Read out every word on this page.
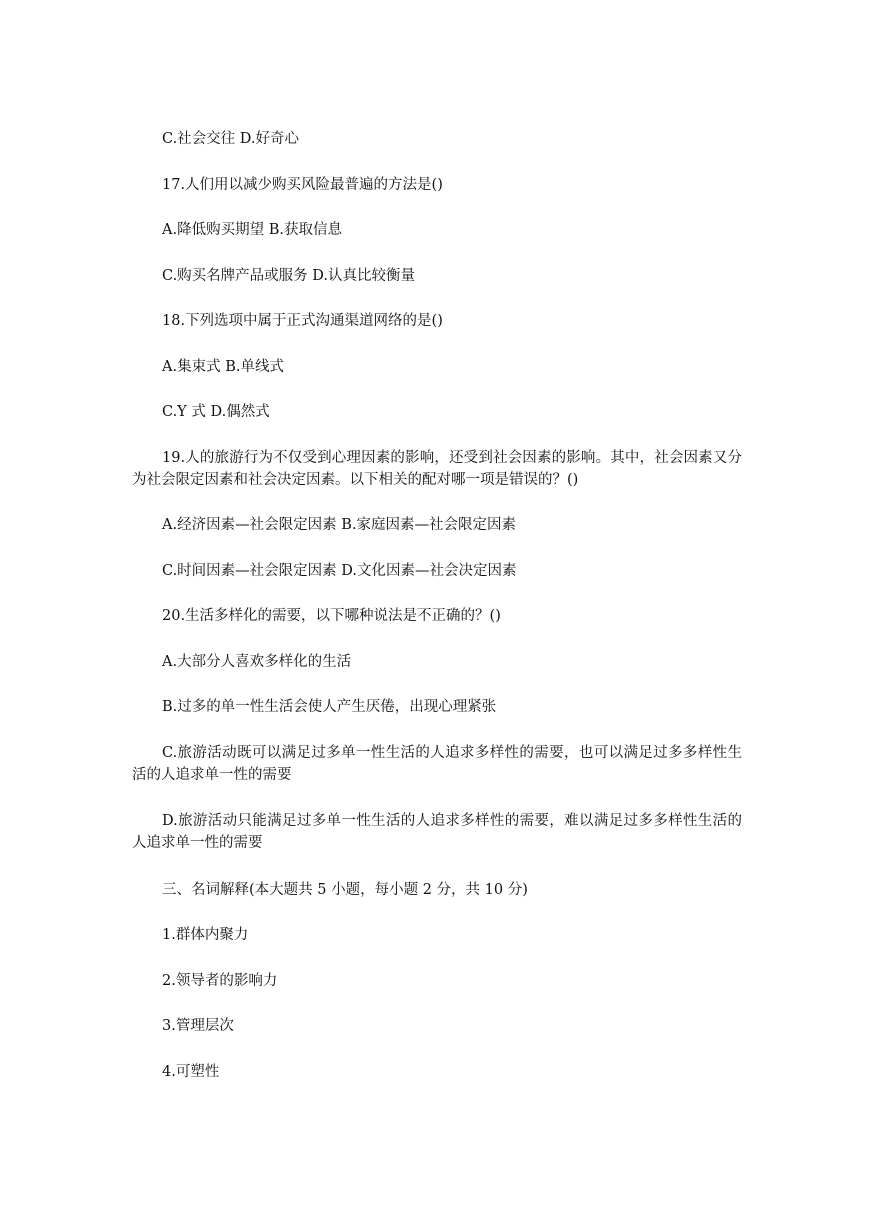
C.社会交往 D.好奇心
17.人们用以减少购买风险最普遍的方法是()
A.降低购买期望 B.获取信息
C.购买名牌产品或服务 D.认真比较衡量
18.下列选项中属于正式沟通渠道网络的是()
A.集束式 B.单线式
C.Y 式 D.偶然式
19.人的旅游行为不仅受到心理因素的影响，还受到社会因素的影响。其中，社会因素又分为社会限定因素和社会决定因素。以下相关的配对哪一项是错误的？()
A.经济因素—社会限定因素 B.家庭因素—社会限定因素
C.时间因素—社会限定因素 D.文化因素—社会决定因素
20.生活多样化的需要，以下哪种说法是不正确的？()
A.大部分人喜欢多样化的生活
B.过多的单一性生活会使人产生厌倦，出现心理紧张
C.旅游活动既可以满足过多单一性生活的人追求多样性的需要，也可以满足过多多样性生活的人追求单一性的需要
D.旅游活动只能满足过多单一性生活的人追求多样性的需要，难以满足过多多样性生活的人追求单一性的需要
三、名词解释(本大题共 5 小题，每小题 2 分，共 10 分)
1.群体内聚力
2.领导者的影响力
3.管理层次
4.可塑性
